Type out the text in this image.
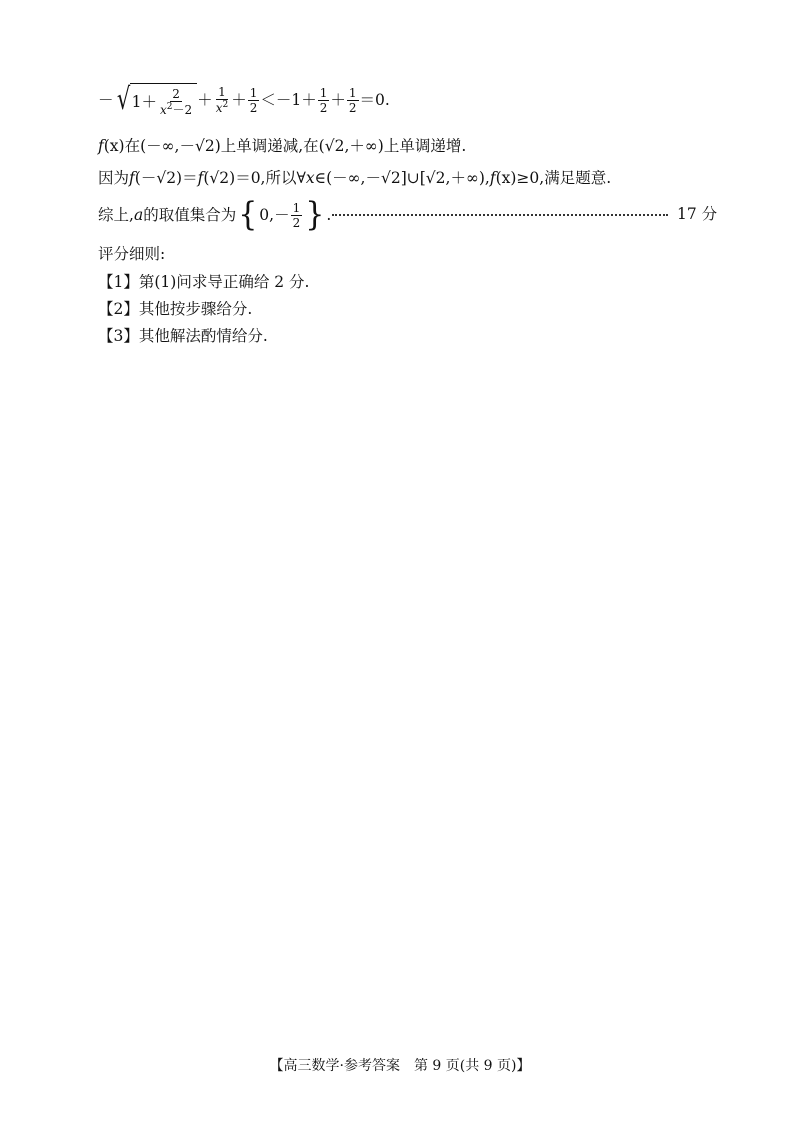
－ √ $1+ \frac{2}{x^2-2} + \frac{1}{x^2} + \frac{1}{2} <-1+ \frac{1}{2} + \frac{1}{2} =0$.
f (x)在(－∞,－√2)上单调递减,在(√2,＋∞)上单调递增.
因为 f (－√2)＝ f (√2)＝0,所以∀ x ∈(－∞,－√2]∪[√2,＋∞), f (x)≥0,满足题意.
综上, a 的取值集合为 { $0,- \frac{1}{2}$ } .	17 分
评分细则:
【1】第(1)问求导正确给 2 分.
【2】其他按步骤给分.
【3】其他解法酌情给分.
【高三数学·参考答案　第 9 页(共 9 页)】
